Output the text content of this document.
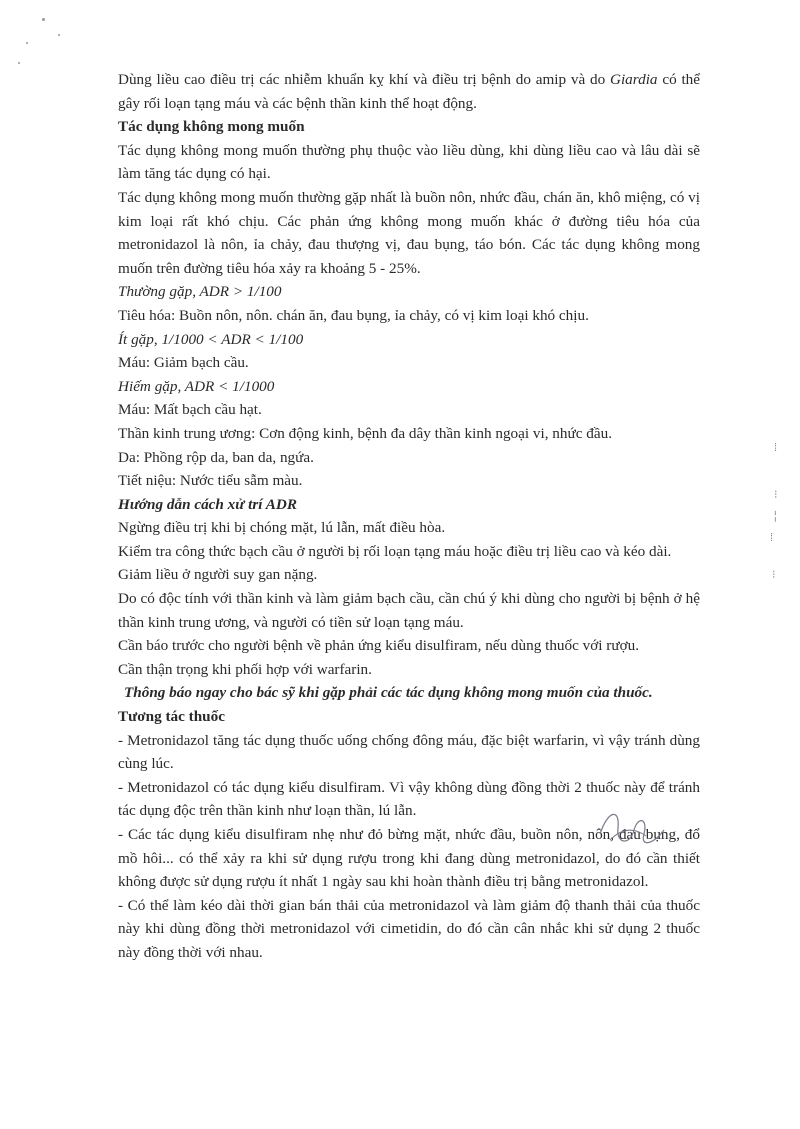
Dùng liều cao điều trị các nhiễm khuẩn kỵ khí và điều trị bệnh do amip và do Giardia có thể gây rối loạn tạng máu và các bệnh thần kinh thể hoạt động.

Tác dụng không mong muốn

Tác dụng không mong muốn thường phụ thuộc vào liều dùng, khi dùng liều cao và lâu dài sẽ làm tăng tác dụng có hại.

Tác dụng không mong muốn thường gặp nhất là buồn nôn, nhức đầu, chán ăn, khô miệng, có vị kim loại rất khó chịu. Các phản ứng không mong muốn khác ở đường tiêu hóa của metronidazol là nôn, ỉa chảy, đau thượng vị, đau bụng, táo bón. Các tác dụng không mong muốn trên đường tiêu hóa xảy ra khoảng 5 - 25%.

Thường gặp, ADR > 1/100

Tiêu hóa: Buồn nôn, nôn. chán ăn, đau bụng, ỉa chảy, có vị kim loại khó chịu.

Ít gặp, 1/1000 < ADR < 1/100

Máu: Giảm bạch cầu.

Hiếm gặp, ADR < 1/1000

Máu: Mất bạch cầu hạt.

Thần kinh trung ương: Cơn động kinh, bệnh đa dây thần kinh ngoại vi, nhức đầu.

Da: Phồng rộp da, ban da, ngứa.

Tiết niệu: Nước tiểu sẫm màu.

Hướng dẫn cách xử trí ADR

Ngừng điều trị khi bị chóng mặt, lú lẫn, mất điều hòa.

Kiểm tra công thức bạch cầu ở người bị rối loạn tạng máu hoặc điều trị liều cao và kéo dài.

Giảm liều ở người suy gan nặng.

Do có độc tính với thần kinh và làm giảm bạch cầu, cần chú ý khi dùng cho người bị bệnh ở hệ thần kinh trung ương, và người có tiền sử loạn tạng máu.

Cần báo trước cho người bệnh về phản ứng kiểu disulfiram, nếu dùng thuốc với rượu.

Cần thận trọng khi phối hợp với warfarin.

Thông báo ngay cho bác sỹ khi gặp phải các tác dụng không mong muốn của thuốc.

Tương tác thuốc

- Metronidazol tăng tác dụng thuốc uống chống đông máu, đặc biệt warfarin, vì vậy tránh dùng cùng lúc.

- Metronidazol có tác dụng kiểu disulfiram. Vì vậy không dùng đồng thời 2 thuốc này để tránh tác dụng độc trên thần kinh như loạn thần, lú lẫn.

- Các tác dụng kiểu disulfiram nhẹ như đỏ bừng mặt, nhức đầu, buồn nôn, nôn, đau bụng, đổ mồ hôi... có thể xảy ra khi sử dụng rượu trong khi đang dùng metronidazol, do đó cần thiết không được sử dụng rượu ít nhất 1 ngày sau khi hoàn thành điều trị bằng metronidazol.

- Có thể làm kéo dài thời gian bán thải của metronidazol và làm giảm độ thanh thải của thuốc này khi dùng đồng thời metronidazol với cimetidin, do đó cần cân nhắc khi sử dụng 2 thuốc này đồng thời với nhau.

⁞
⁝
╎
⁞
⁝
